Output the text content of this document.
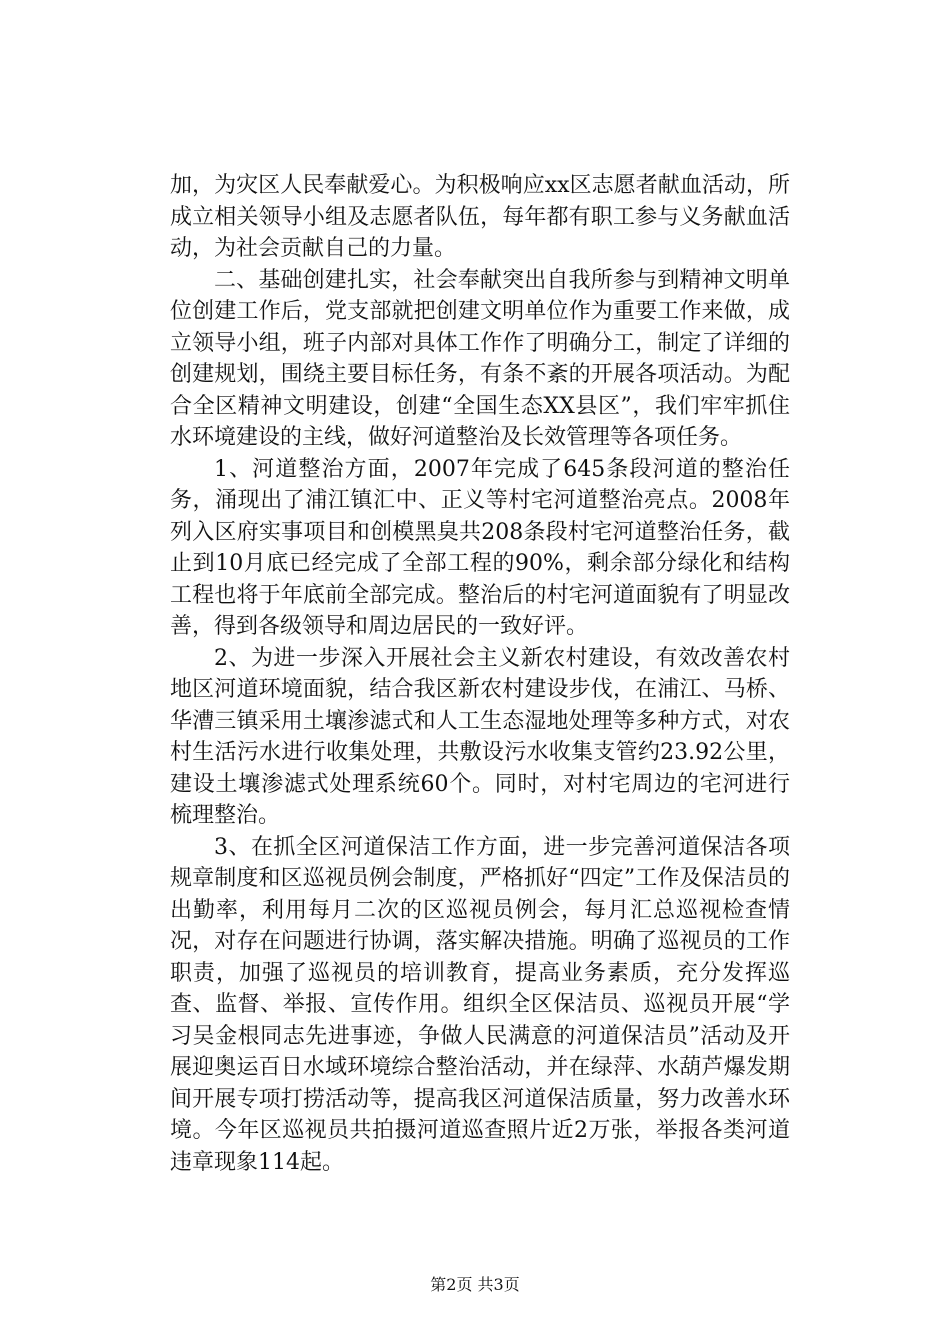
加，为灾区人民奉献爱心。为积极响应xx区志愿者献血活动，所成立相关领导小组及志愿者队伍，每年都有职工参与义务献血活动，为社会贡献自己的力量。

二、基础创建扎实，社会奉献突出自我所参与到精神文明单位创建工作后，党支部就把创建文明单位作为重要工作来做，成立领导小组，班子内部对具体工作作了明确分工，制定了详细的创建规划，围绕主要目标任务，有条不紊的开展各项活动。为配合全区精神文明建设，创建“全国生态XX县区”，我们牢牢抓住水环境建设的主线，做好河道整治及长效管理等各项任务。

1、河道整治方面，2007年完成了645条段河道的整治任务，涌现出了浦江镇汇中、正义等村宅河道整治亮点。2008年列入区府实事项目和创模黑臭共208条段村宅河道整治任务，截止到10月底已经完成了全部工程的90%，剩余部分绿化和结构工程也将于年底前全部完成。整治后的村宅河道面貌有了明显改善，得到各级领导和周边居民的一致好评。

2、为进一步深入开展社会主义新农村建设，有效改善农村地区河道环境面貌，结合我区新农村建设步伐，在浦江、马桥、华漕三镇采用土壤渗滤式和人工生态湿地处理等多种方式，对农村生活污水进行收集处理，共敷设污水收集支管约23.92公里，建设土壤渗滤式处理系统60个。同时，对村宅周边的宅河进行梳理整治。

3、在抓全区河道保洁工作方面，进一步完善河道保洁各项规章制度和区巡视员例会制度，严格抓好“四定”工作及保洁员的出勤率，利用每月二次的区巡视员例会，每月汇总巡视检查情况，对存在问题进行协调，落实解决措施。明确了巡视员的工作职责，加强了巡视员的培训教育，提高业务素质，充分发挥巡查、监督、举报、宣传作用。组织全区保洁员、巡视员开展“学习吴金根同志先进事迹，争做人民满意的河道保洁员”活动及开展迎奥运百日水域环境综合整治活动，并在绿萍、水葫芦爆发期间开展专项打捞活动等，提高我区河道保洁质量，努力改善水环境。今年区巡视员共拍摄河道巡查照片近2万张，举报各类河道违章现象114起。

第2页 共3页
